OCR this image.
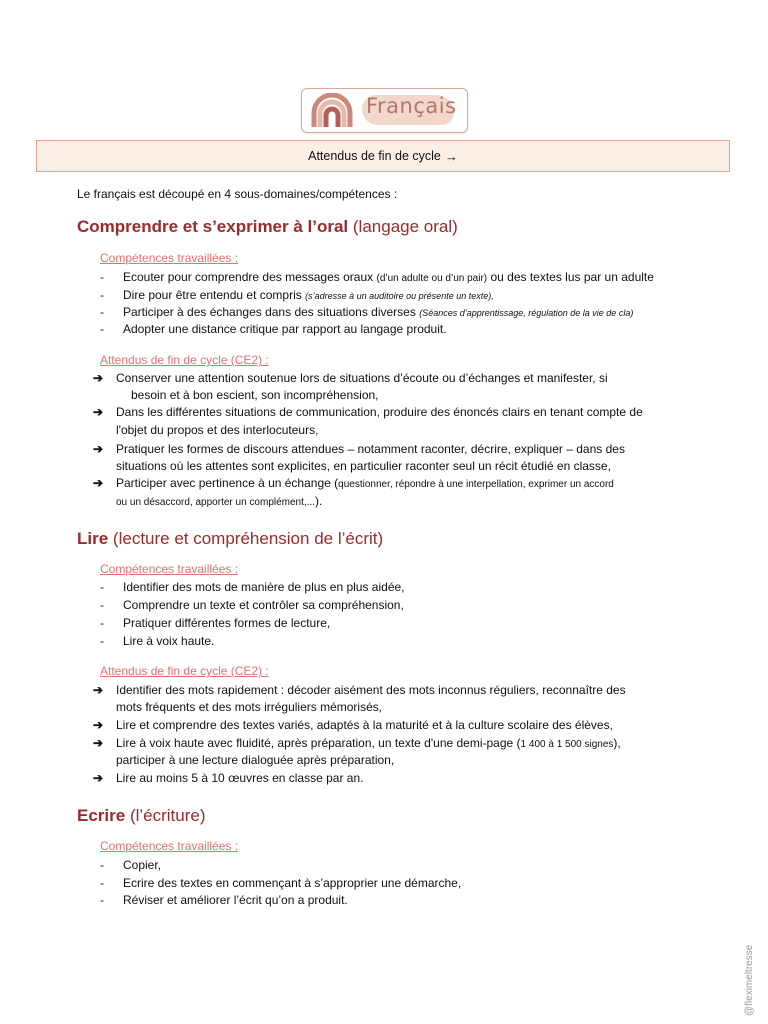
Français
Attendus de fin de cycle →
Le français est découpé en 4 sous-domaines/compétences :
Comprendre et s’exprimer à l’oral (langage oral)
Compétences travaillées :
- Ecouter pour comprendre des messages oraux (d’un adulte ou d’un pair) ou des textes lus par un adulte
- Dire pour être entendu et compris (s’adresse à un auditoire ou présente un texte),
- Participer à des échanges dans des situations diverses (Séances d’apprentissage, régulation de la vie de cla)
- Adopter une distance critique par rapport au langage produit.
Attendus de fin de cycle (CE2) :
➔ Conserver une attention soutenue lors de situations d’écoute ou d’échanges et manifester, si
besoin et à bon escient, son incompréhension,
➔ Dans les différentes situations de communication, produire des énoncés clairs en tenant compte de
l'objet du propos et des interlocuteurs,
➔ Pratiquer les formes de discours attendues – notamment raconter, décrire, expliquer – dans des
situations où les attentes sont explicites, en particulier raconter seul un récit étudié en classe,
➔ Participer avec pertinence à un échange (questionner, répondre à une interpellation, exprimer un accord
ou un désaccord, apporter un complément,...).
Lire (lecture et compréhension de l’écrit)
Compétences travaillées :
- Identifier des mots de manière de plus en plus aidée,
- Comprendre un texte et contrôler sa compréhension,
- Pratiquer différentes formes de lecture,
- Lire à voix haute.
Attendus de fin de cycle (CE2) :
➔ Identifier des mots rapidement : décoder aisément des mots inconnus réguliers, reconnaître des
mots fréquents et des mots irréguliers mémorisés,
➔ Lire et comprendre des textes variés, adaptés à la maturité et à la culture scolaire des élèves,
➔ Lire à voix haute avec fluidité, après préparation, un texte d'une demi-page (1 400 à 1 500 signes),
participer à une lecture dialoguée après préparation,
➔ Lire au moins 5 à 10 œuvres en classe par an.
Ecrire (l’écriture)
Compétences travaillées :
- Copier,
- Ecrire des textes en commençant à s’approprier une démarche,
- Réviser et améliorer l’écrit qu’on a produit.
@fleximeltresse
